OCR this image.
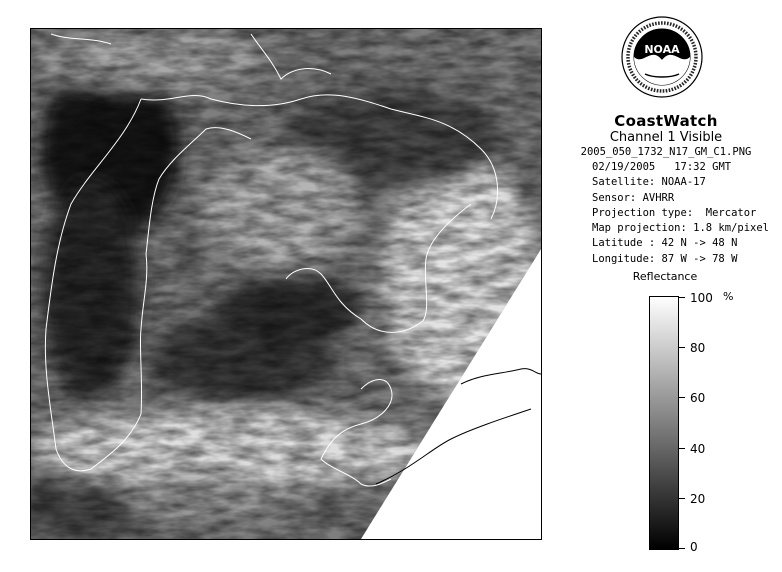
NOAA
CoastWatch
Channel 1 Visible
2005_050_1732_N17_GM_C1.PNG
02/19/2005 17:32 GMT
Satellite: NOAA-17
Sensor: AVHRR
Projection type:  Mercator
Map projection: 1.8 km/pixel
Latitude : 42 N -> 48 N
Longitude: 87 W -> 78 W
Reflectance
%
100
80
60
40
20
0
